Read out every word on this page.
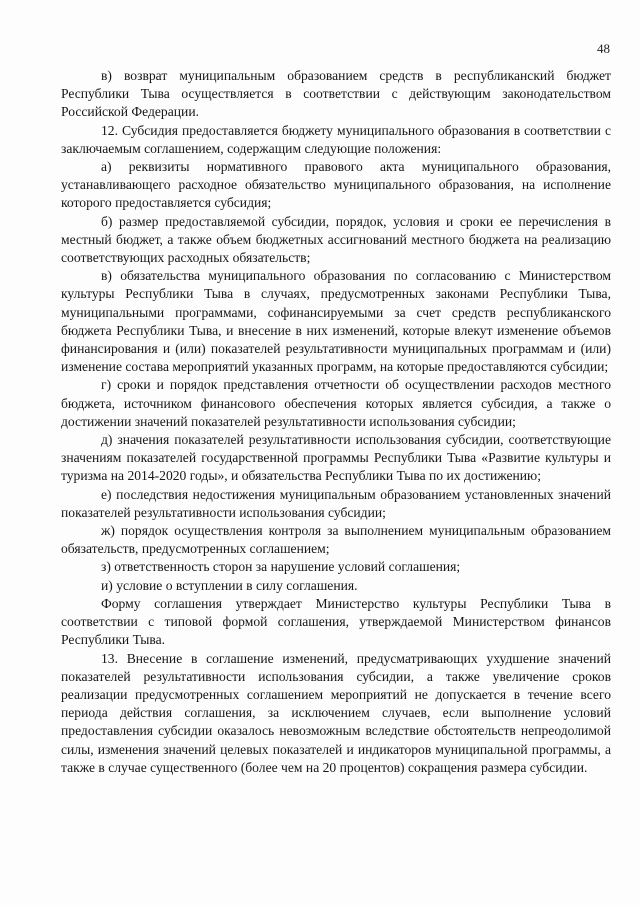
48

в) возврат муниципальным образованием средств в республиканский бюджет Республики Тыва осуществляется в соответствии с действующим законодательством Российской Федерации.

12. Субсидия предоставляется бюджету муниципального образования в соответствии с заключаемым соглашением, содержащим следующие положения:

а) реквизиты нормативного правового акта муниципального образования, устанавливающего расходное обязательство муниципального образования, на исполнение которого предоставляется субсидия;

б) размер предоставляемой субсидии, порядок, условия и сроки ее перечисления в местный бюджет, а также объем бюджетных ассигнований местного бюджета на реализацию соответствующих расходных обязательств;

в) обязательства муниципального образования по согласованию с Министерством культуры Республики Тыва в случаях, предусмотренных законами Республики Тыва, муниципальными программами, софинансируемыми за счет средств республиканского бюджета Республики Тыва, и внесение в них изменений, которые влекут изменение объемов финансирования и (или) показателей результативности муниципальных программам и (или) изменение состава мероприятий указанных программ, на которые предоставляются субсидии;

г) сроки и порядок представления отчетности об осуществлении расходов местного бюджета, источником финансового обеспечения которых является субсидия, а также о достижении значений показателей результативности использования субсидии;

д) значения показателей результативности использования субсидии, соответствующие значениям показателей государственной программы Республики Тыва «Развитие культуры и туризма на 2014-2020 годы», и обязательства Республики Тыва по их достижению;

е) последствия недостижения муниципальным образованием установленных значений показателей результативности использования субсидии;

ж) порядок осуществления контроля за выполнением муниципальным образованием обязательств, предусмотренных соглашением;

з) ответственность сторон за нарушение условий соглашения;

и) условие о вступлении в силу соглашения.

Форму соглашения утверждает Министерство культуры Республики Тыва в соответствии с типовой формой соглашения, утверждаемой Министерством финансов Республики Тыва.

13. Внесение в соглашение изменений, предусматривающих ухудшение значений показателей результативности использования субсидии, а также увеличение сроков реализации предусмотренных соглашением мероприятий не допускается в течение всего периода действия соглашения, за исключением случаев, если выполнение условий предоставления субсидии оказалось невозможным вследствие обстоятельств непреодолимой силы, изменения значений целевых показателей и индикаторов муниципальной программы, а также в случае существенного (более чем на 20 процентов) сокращения размера субсидии.
